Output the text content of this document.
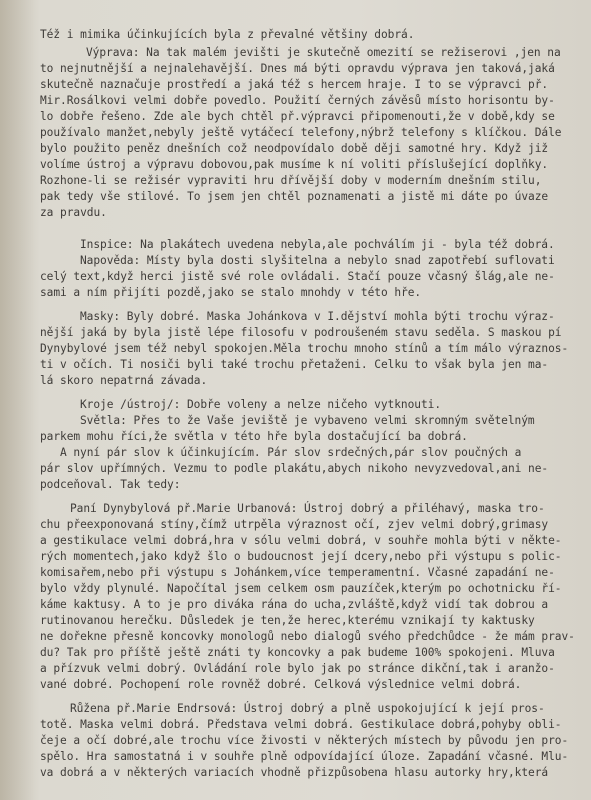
Též i mimika účinkujících byla z převalné většiny dobrá.
Výprava: Na tak malém jevišti je skutečně omezití se režiserovi ,jen na
to nejnutnější a nejnalehavější. Dnes má býti opravdu výprava jen taková,jaká
skutečně naznačuje prostředí a jaká též s hercem hraje. I to se výpravci př.
Mir.Rosálkovi velmi dobře povedlo. Použití černých závěsů místo horisontu by-
lo dobře řešeno. Zde ale bych chtěl př.výpravci připomenouti,že v době,kdy se
používalo manžet,nebyly ještě vytáčecí telefony,nýbrž telefony s klíčkou. Dále
bylo použito peněz dnešních což neodpovídalo době ději samotné hry. Když již
volíme ústroj a výpravu dobovou,pak musíme k ní voliti příslušející doplňky.
Rozhone-li se režisér vypraviti hru dřívější doby v moderním dnešním stilu,
pak tedy vše stilové. To jsem jen chtěl poznamenati a jistě mi dáte po úvaze
za pravdu.
Inspice: Na plakátech uvedena nebyla,ale pochválím ji - byla též dobrá.
Napověda: Místy byla dosti slyšitelna a nebylo snad zapotřebí suflovati
celý text,když herci jistě své role ovládali. Stačí pouze včasný šlág,ale ne-
sami a ním přijíti pozdě,jako se stalo mnohdy v této hře.
Masky: Byly dobré. Maska Johánkova v I.dějství mohla býti trochu výraz-
nější jaká by byla jistě lépe filosofu v podroušeném stavu seděla. S maskou pí
Dynybylové jsem též nebyl spokojen.Měla trochu mnoho stínů a tím málo výraznos-
ti v očích. Ti nosiči byli také trochu přetaženi. Celku to však byla jen ma-
lá skoro nepatrná závada.
Kroje /ústroj/: Dobře voleny a nelze ničeho vytknouti.
Světla: Přes to že Vaše jeviště je vybaveno velmi skromným světelným
parkem mohu říci,že světla v této hře byla dostačující ba dobrá.
A nyní pár slov k účinkujícím. Pár slov srdečných,pár slov poučných a
pár slov upřímných. Vezmu to podle plakátu,abych nikoho nevyzvedoval,ani ne-
podceňoval. Tak tedy:
Paní Dynybylová př.Marie Urbanová: Ústroj dobrý a přiléhavý, maska tro-
chu přeexponovaná stíny,čímž utrpěla výraznost očí, zjev velmi dobrý,grimasy
a gestikulace velmi dobrá,hra v sólu velmi dobrá, v souhře mohla býti v někte-
rých momentech,jako když šlo o budoucnost její dcery,nebo při výstupu s polic-
komisařem,nebo při výstupu s Johánkem,více temperamentní. Včasné zapadání ne-
bylo vždy plynulé. Napočítal jsem celkem osm pauzíček,kterým po ochotnicku ří-
káme kaktusy. A to je pro diváka rána do ucha,zvláště,když vidí tak dobrou a
rutinovanou herečku. Důsledek je ten,že herec,kterému vznikají ty kaktusky
ne dořekne přesně koncovky monologů nebo dialogů svého předchůdce - že mám prav-
du? Tak pro příště ještě znáti ty koncovky a pak budeme 100% spokojeni. Mluva
a přízvuk velmi dobrý. Ovládání role bylo jak po stránce dikční,tak i aranžo-
vané dobré. Pochopení role rovněž dobré. Celková výslednice velmi dobrá.
Růžena př.Marie Endrsová: Ústroj dobrý a plně uspokojující k její pros-
totě. Maska velmi dobrá. Představa velmi dobrá. Gestikulace dobrá,pohyby obli-
čeje a očí dobré,ale trochu více živosti v některých místech by původu jen pro-
spělo. Hra samostatná i v souhře plně odpovídající úloze. Zapadání včasné. Mlu-
va dobrá a v některých variacích vhodně přizpůsobena hlasu autorky hry,která
